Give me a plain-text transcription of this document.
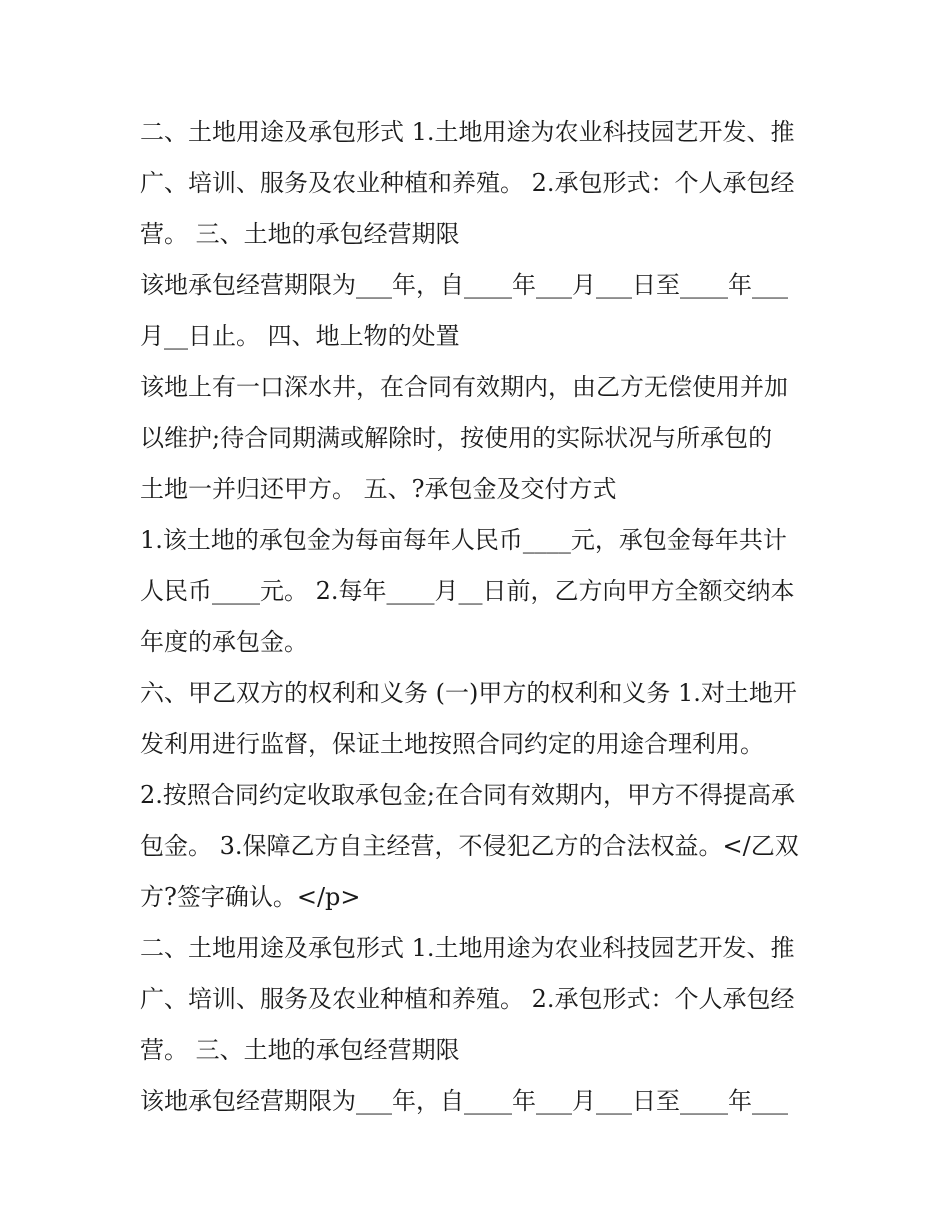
二、土地用途及承包形式 1.土地用途为农业科技园艺开发、推
广、培训、服务及农业种植和养殖。 2.承包形式：个人承包经
营。 三、土地的承包经营期限
该地承包经营期限为___年，自____年___月___日至____年___
月__日止。 四、地上物的处置
该地上有一口深水井，在合同有效期内，由乙方无偿使用并加
以维护;待合同期满或解除时，按使用的实际状况与所承包的
土地一并归还甲方。 五、?承包金及交付方式
1.该土地的承包金为每亩每年人民币____元，承包金每年共计
人民币____元。 2.每年____月__日前，乙方向甲方全额交纳本
年度的承包金。
六、甲乙双方的权利和义务 (一)甲方的权利和义务 1.对土地开
发利用进行监督，保证土地按照合同约定的用途合理利用。
2.按照合同约定收取承包金;在合同有效期内，甲方不得提高承
包金。 3.保障乙方自主经营，不侵犯乙方的合法权益。</乙双
方?签字确认。</p>
二、土地用途及承包形式 1.土地用途为农业科技园艺开发、推
广、培训、服务及农业种植和养殖。 2.承包形式：个人承包经
营。 三、土地的承包经营期限
该地承包经营期限为___年，自____年___月___日至____年___
